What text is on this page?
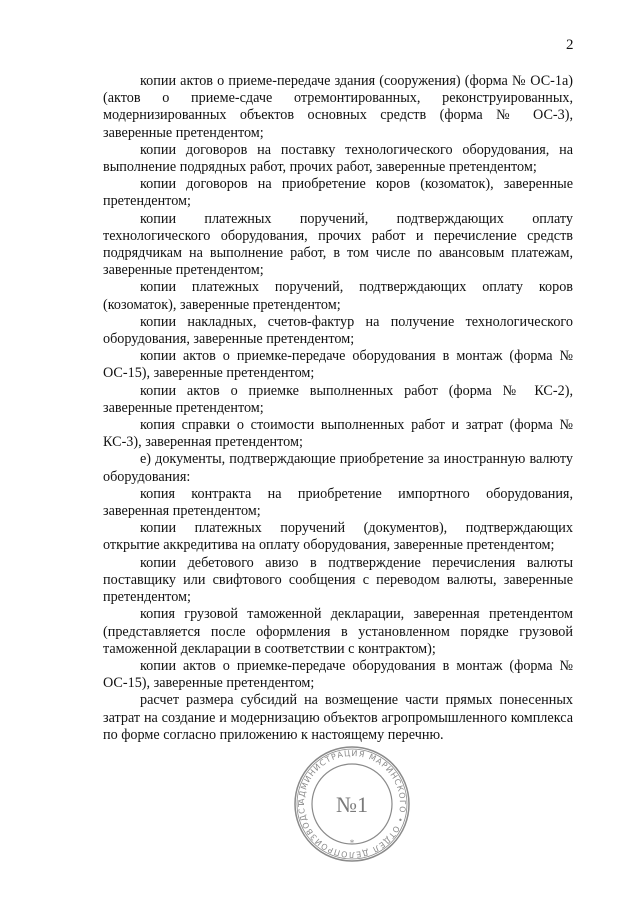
2

копии актов о приеме-передаче здания (сооружения) (форма № ОС-1а) (актов о приеме-сдаче отремонтированных, реконструированных, модернизированных объектов основных средств (форма № ОС-3), заверенные претендентом;

копии договоров на поставку технологического оборудования, на выполнение подрядных работ, прочих работ, заверенные претендентом;

копии договоров на приобретение коров (козоматок), заверенные претендентом;

копии платежных поручений, подтверждающих оплату технологического оборудования, прочих работ и перечисление средств подрядчикам на выполнение работ, в том числе по авансовым платежам, заверенные претендентом;

копии платежных поручений, подтверждающих оплату коров (козоматок), заверенные претендентом;

копии накладных, счетов-фактур на получение технологического оборудования, заверенные претендентом;

копии актов о приемке-передаче оборудования в монтаж (форма № ОС-15), заверенные претендентом;

копии актов о приемке выполненных работ (форма № КС-2), заверенные претендентом;

копия справки о стоимости выполненных работ и затрат (форма № КС-3), заверенная претендентом;

е) документы, подтверждающие приобретение за иностранную валюту оборудования:

копия контракта на приобретение импортного оборудования, заверенная претендентом;

копии платежных поручений (документов), подтверждающих открытие аккредитива на оплату оборудования, заверенные претендентом;

копии дебетового авизо в подтверждение перечисления валюты поставщику или свифтового сообщения с переводом валюты, заверенные претендентом;

копия грузовой таможенной декларации, заверенная претендентом (представляется после оформления в установленном порядке грузовой таможенной декларации в соответствии с контрактом);

копии актов о приемке-передаче оборудования в монтаж (форма № ОС-15), заверенные претендентом;

расчет размера субсидий на возмещение части прямых понесенных затрат на создание и модернизацию объектов агропромышленного комплекса по форме согласно приложению к настоящему перечню.

АДМИНИСТРАЦИЯ МАРИНСКОГО • ОТДЕЛ ДЕЛОПРОИЗВОДСТ	№1
*
